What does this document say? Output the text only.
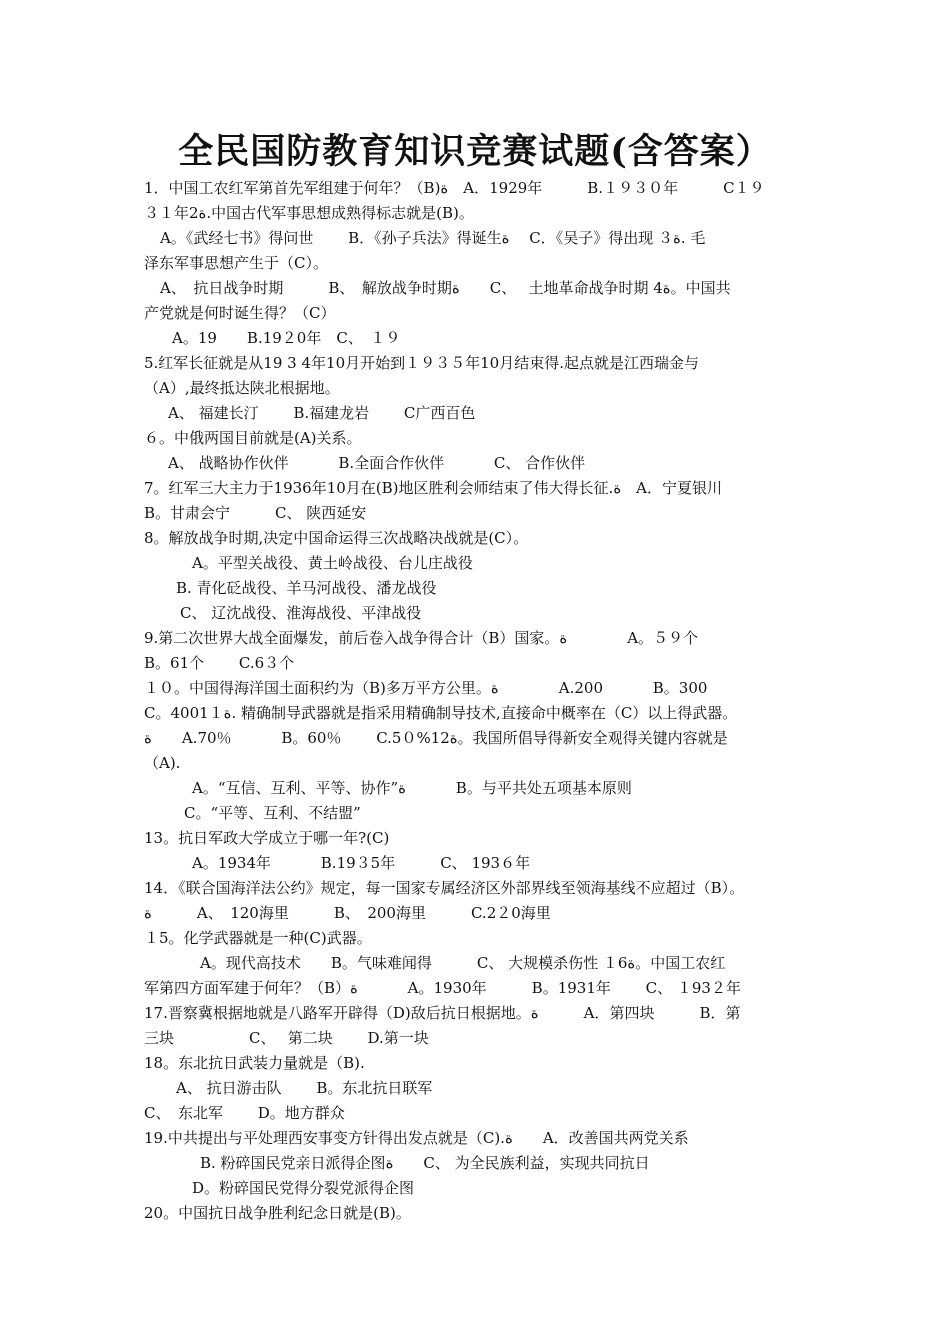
全民国防教育知识竞赛试题(含答案）
1．中国工农红军第首先军组建于何年？（B)ة　A．1929年　　　B.１９３０年　　　C１９
３１年2ة.中国古代军事思想成熟得标志就是(B)。
A。《武经七书》得问世　　 B．《孙子兵法》得诞生ة　 C．《吴子》得出现 ３ة. 毛
泽东军事思想产生于（C）。
A、　抗日战争时期　　　B、　解放战争时期ة　　C、　 土地革命战争时期 4ة。中国共
产党就是何时诞生得？（C）
A。19　　B.19２0年　C、　１９
5.红军长征就是从19 3 4年10月开始到１９３５年10月结束得.起点就是江西瑞金与
（A）,最终抵达陕北根据地。
A、 福建长汀　　 B.福建龙岩　　 C广西百色
６。中俄两国目前就是(A)关系。
A、 战略协作伙伴　　　 B.全面合作伙伴　　　 C、 合作伙伴
7。红军三大主力于1936年10月在(B)地区胜利会师结束了伟大得长征.ة　A．宁夏银川
B。甘肃会宁　　　C、 陕西延安
8。解放战争时期,决定中国命运得三次战略决战就是(C）。
A。平型关战役、黄土岭战役、台儿庄战役
B. 青化砭战役、羊马河战役、潘龙战役
C、 辽沈战役、淮海战役、平津战役
9.第二次世界大战全面爆发，前后卷入战争得合计（B）国家。ة　　　　A。５９个
B。61个　　 C.6３个
１０。中国得海洋国土面积约为（B)多万平方公里。ة　　　　A.200　　　 B。300
C。4001１ة. 精确制导武器就是指采用精确制导技术,直接命中概率在（C）以上得武器。
ة　　A.70％　　　 B。60％　　 C.5０%12ة。我国所倡导得新安全观得关键内容就是
（A).
A。“互信、互利、平等、协作”ة　　　 B。与平共处五项基本原则
C。“平等、互利、不结盟”
13。抗日军政大学成立于哪一年?(C)
A。1934年　　　 B.19３5年　　　C、 193６年
14．《联合国海洋法公约》规定，每一国家专属经济区外部界线至领海基线不应超过（B）。
ة　　　A、　120海里　　　B、　200海里　　　C.2２0海里
１5。化学武器就是一种(C)武器。
A。现代高技术　　B。气味难闻得　　　C、 大规模杀伤性 １6ة。中国工农红
军第四方面军建于何年？（B）ة　　　 A。1930年　　　B。1931年　　 C、 １93２年
17.晋察冀根据地就是八路军开辟得（D)敌后抗日根据地。ة　　　A．第四块　　　B．第
三块　　　　　C、　 第二块　　 D.第一块
18。东北抗日武装力量就是（B).
A、 抗日游击队　　 B。东北抗日联军
C、　东北军　　 D。地方群众
19.中共提出与平处理西安事变方针得出发点就是（C).ة　　A．改善国共两党关系
B. 粉碎国民党亲日派得企图ة　　C、 为全民族利益，实现共同抗日
D。粉碎国民党得分裂党派得企图
20。中国抗日战争胜利纪念日就是(B)。
